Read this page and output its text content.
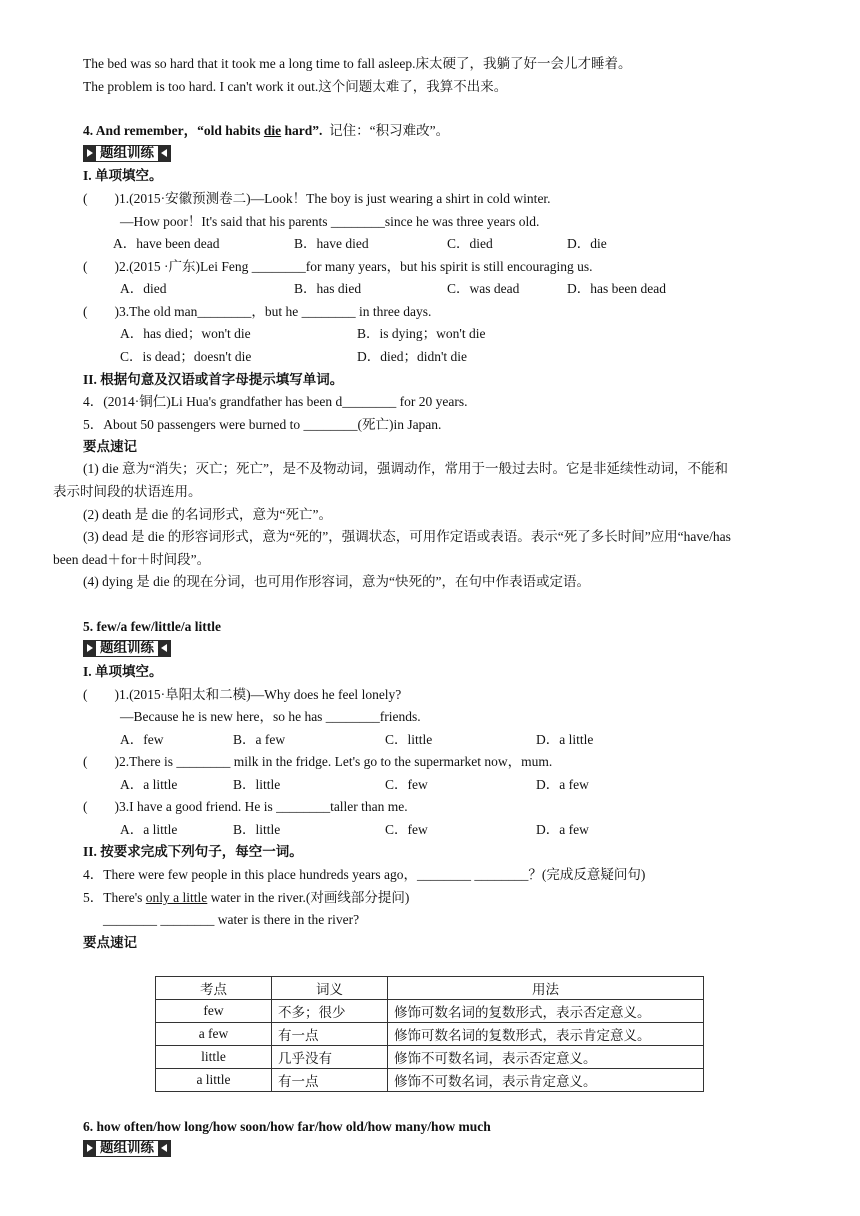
The bed was so hard that it took me a long time to fall asleep.床太硬了，我躺了好一会儿才睡着。
The problem is too hard. I can't work it out.这个问题太难了，我算不出来。
4. And remember，“old habits die hard”. 记住：“积习难改”。
题组训练
I. 单项填空。
(　　)1.(2015·安徽预测卷二)—Look！The boy is just wearing a shirt in cold winter.
—How poor！It's said that his parents ________since he was three years old.
A．have been dead	B．have died	C．died	D．die
(　　)2.(2015 ·广东)Lei Feng ________for many years，but his spirit is still encouraging us.
A．died	B．has died	C．was dead	D．has been dead
(　　)3.The old man________，but he ________ in three days.
A．has died；won't die	B．is dying；won't die
C．is dead；doesn't die	D．died；didn't die
II. 根据句意及汉语或首字母提示填写单词。
4．(2014·铜仁)Li Hua's grandfather has been d________ for 20 years.
5．About 50 passengers were burned to ________(死亡)in Japan.
要点速记
(1) die 意为“消失；灭亡；死亡”，是不及物动词，强调动作，常用于一般过去时。它是非延续性动词，不能和
表示时间段的状语连用。
(2) death 是 die 的名词形式，意为“死亡”。
(3) dead 是 die 的形容词形式，意为“死的”，强调状态，可用作定语或表语。表示“死了多长时间”应用“have/has
been dead＋for＋时间段”。
(4) dying 是 die 的现在分词，也可用作形容词，意为“快死的”，在句中作表语或定语。
5. few/a few/little/a little
题组训练
I. 单项填空。
(　　)1.(2015·阜阳太和二模)—Why does he feel lonely?
—Because he is new here，so he has ________friends.
A．few	B．a few	C．little	D．a little
(　　)2.There is ________ milk in the fridge. Let's go to the supermarket now，mum.
A．a little	B．little	C．few	D．a few
(　　)3.I have a good friend. He is ________taller than me.
A．a little	B．little	C．few	D．a few
II. 按要求完成下列句子，每空一词。
4．There were few people in this place hundreds years ago，________ ________？(完成反意疑问句)
5．There's only a little water in the river.(对画线部分提问)
________ ________ water is there in the river?
要点速记
考点	词义	用法
few	不多；很少	修饰可数名词的复数形式，表示否定意义。
a few	有一点	修饰可数名词的复数形式，表示肯定意义。
little	几乎没有	修饰不可数名词，表示否定意义。
a little	有一点	修饰不可数名词，表示肯定意义。
6. how often/how long/how soon/how far/how old/how many/how much
题组训练
